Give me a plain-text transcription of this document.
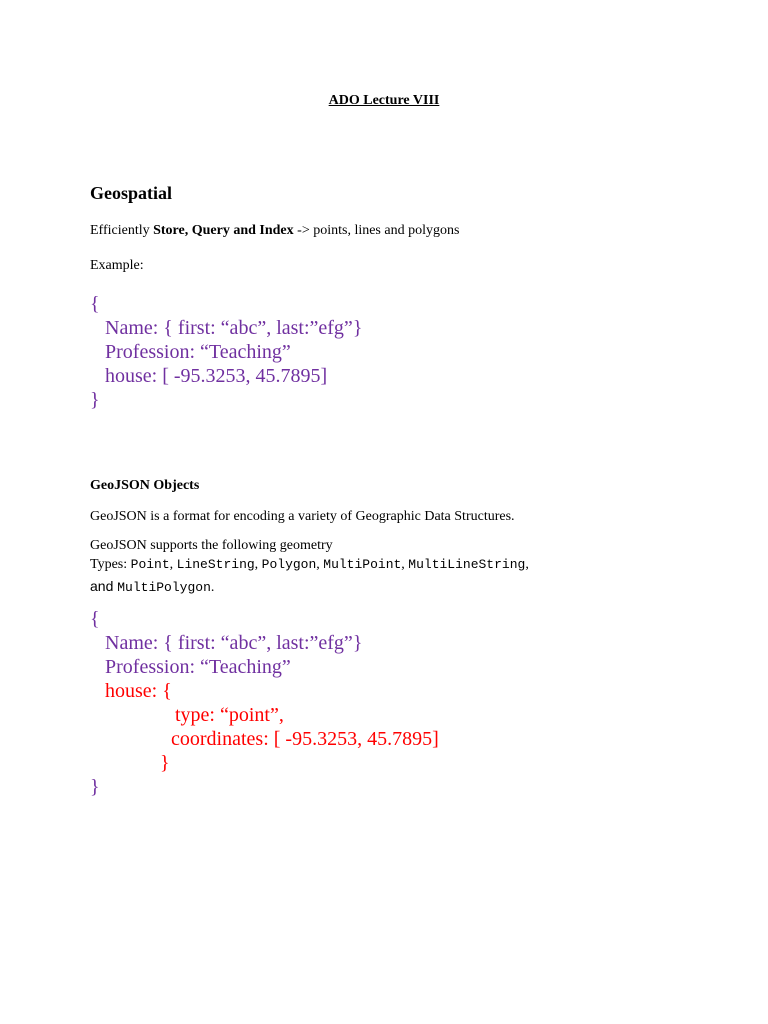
ADO Lecture VIII
Geospatial
Efficiently Store, Query and Index -> points, lines and polygons
Example:
{
Name: { first: “abc”, last:”efg”}
Profession: “Teaching”
house: [ -95.3253, 45.7895]
}
GeoJSON Objects
GeoJSON is a format for encoding a variety of Geographic Data Structures.
GeoJSON supports the following geometry
Types: Point, LineString, Polygon, MultiPoint, MultiLineString,
and MultiPolygon.
{
Name: { first: “abc”, last:”efg”}
Profession: “Teaching”
house: {
type: “point”,
coordinates: [ -95.3253, 45.7895]
}
}
